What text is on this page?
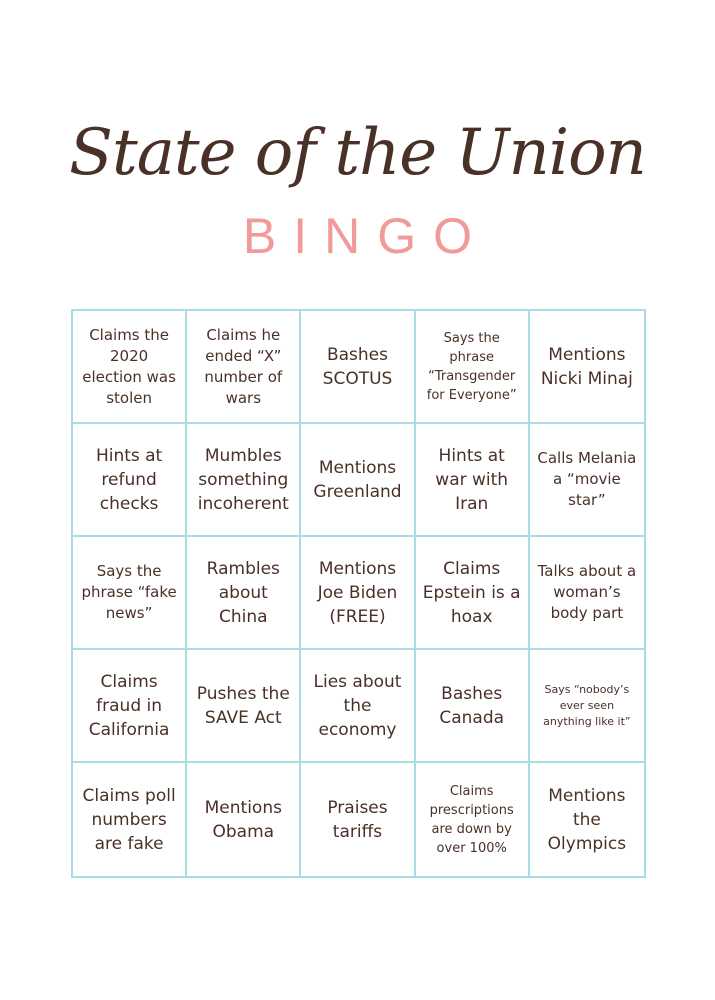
State of the Union
BINGO
Claims the 2020 election was stolen
Claims he ended “X” number of wars
Bashes SCOTUS
Says the phrase “Transgender for Everyone”
Mentions Nicki Minaj
Hints at refund checks
Mumbles something incoherent
Mentions Greenland
Hints at war with Iran
Calls Melania a “movie star”
Says the phrase “fake news”
Rambles about China
Mentions Joe Biden (FREE)
Claims Epstein is a hoax
Talks about a woman’s body part
Claims fraud in California
Pushes the SAVE Act
Lies about the economy
Bashes Canada
Says “nobody’s ever seen anything like it”
Claims poll numbers are fake
Mentions Obama
Praises tariffs
Claims prescriptions are down by over 100%
Mentions the Olympics
